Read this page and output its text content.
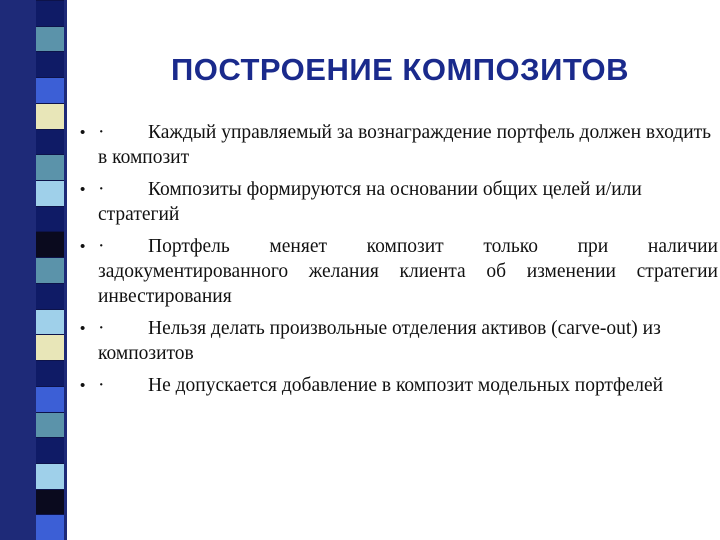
ПОСТРОЕНИЕ КОМПОЗИТОВ
• · Каждый управляемый за вознаграждение портфель должен входить в композит
• · Композиты формируются на основании общих целей и/или стратегий
• · Портфель меняет композит только при наличии задокументированного желания клиента об изменении стратегии инвестирования
• · Нельзя делать произвольные отделения активов (carve-out) из композитов
• · Не допускается добавление в композит модельных портфелей
